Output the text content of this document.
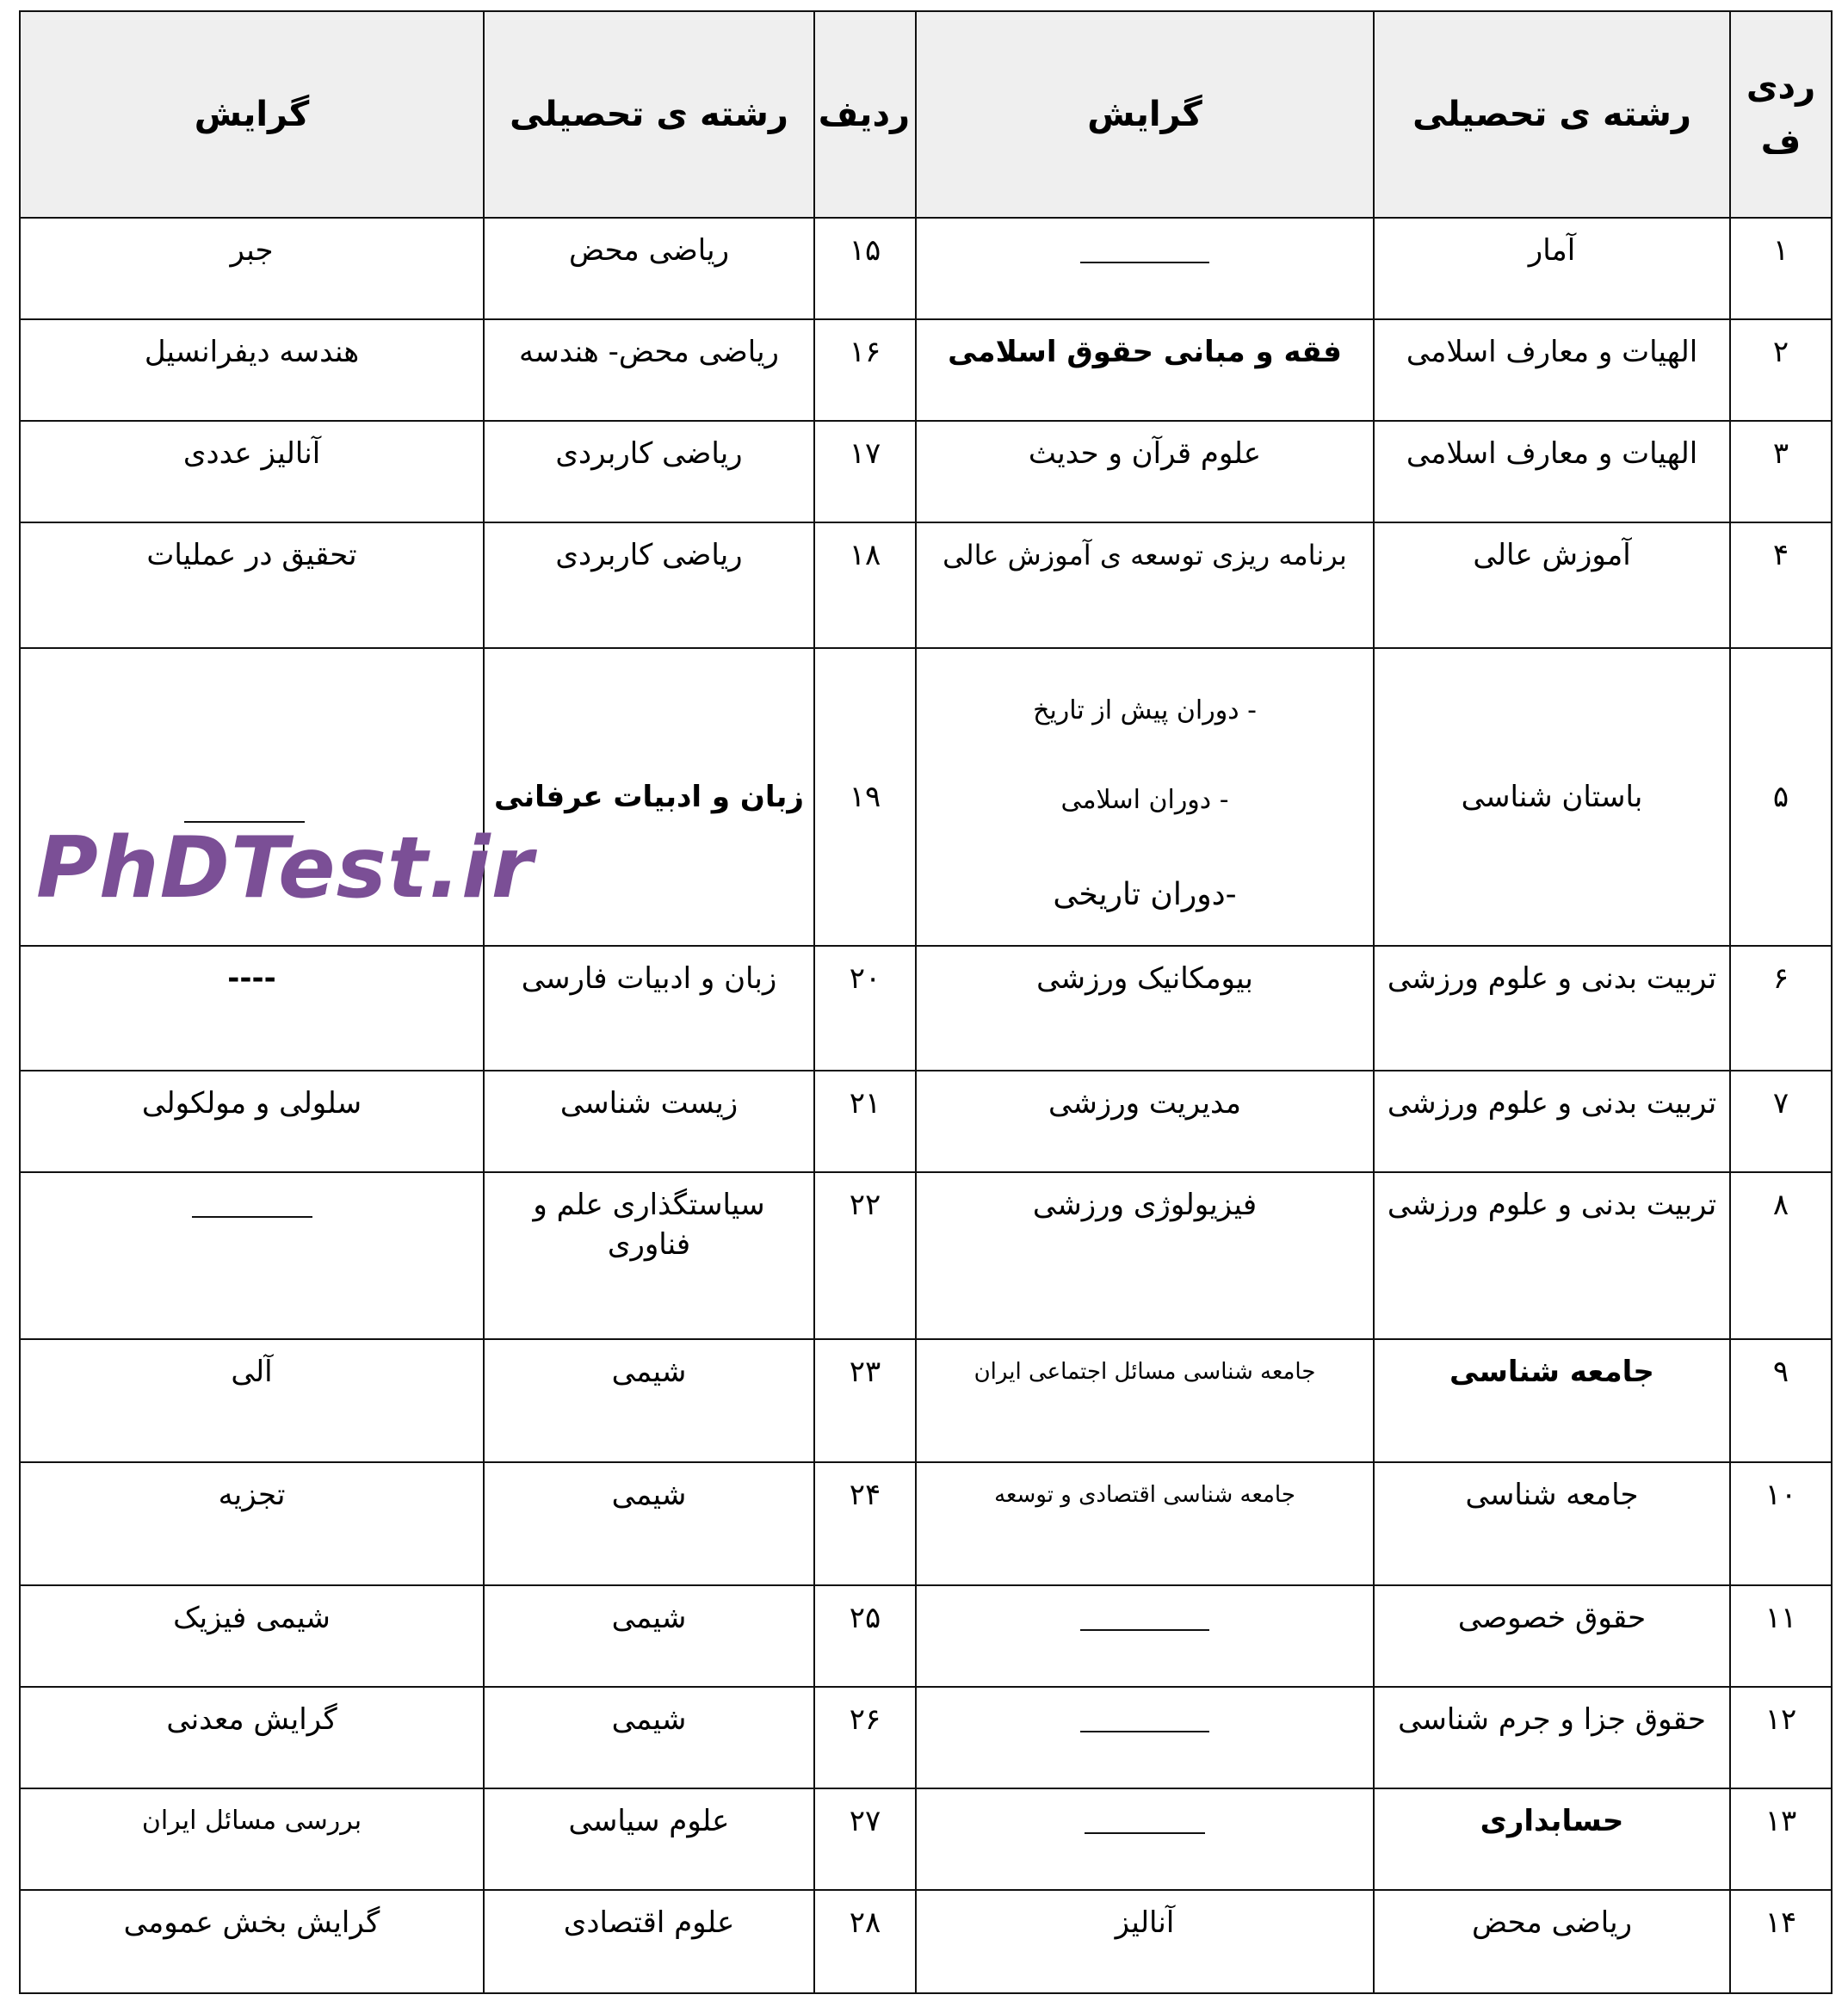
ردی
ف	رشته ی تحصیلی	گرایش	ردیف	رشته ی تحصیلی	گرایش
۱	آمار		۱۵	ریاضی محض	جبر
۲	الهیات و معارف اسلامی	فقه و مبانی حقوق اسلامی	۱۶	ریاضی محض- هندسه	هندسه دیفرانسیل
۳	الهیات و معارف اسلامی	علوم قرآن و حدیث	۱۷	ریاضی کاربردی	آنالیز عددی
۴	آموزش عالی	برنامه ریزی توسعه ی آموزش عالی	۱۸	ریاضی کاربردی	تحقیق در عملیات
۵	باستان شناسی	- دوران پیش از تاریخ
- دوران اسلامی
-دوران تاریخی	۱۹	زبان و ادبیات عرفانی	PhDTest.ir

۶	تربیت بدنی و علوم ورزشی	بیومکانیک ورزشی	۲۰	زبان و ادبیات فارسی	----
۷	تربیت بدنی و علوم ورزشی	مدیریت ورزشی	۲۱	زیست شناسی	سلولی و مولکولی
۸	تربیت بدنی و علوم ورزشی	فیزیولوژی ورزشی	۲۲	سیاستگذاری علم و
فناوری	

۹	جامعه شناسی	جامعه شناسی مسائل اجتماعی ایران	۲۳	شیمی	آلی
۱۰	جامعه شناسی	جامعه شناسی اقتصادی و توسعه	۲۴	شیمی	تجزیه
۱۱	حقوق خصوصی		۲۵	شیمی	شیمی فیزیک
۱۲	حقوق جزا و جرم شناسی		۲۶	شیمی	گرایش معدنی
۱۳	حسابداری		۲۷	علوم سیاسی	بررسی مسائل ایران
۱۴	ریاضی محض	آنالیز	۲۸	علوم اقتصادی	گرایش بخش عمومی
